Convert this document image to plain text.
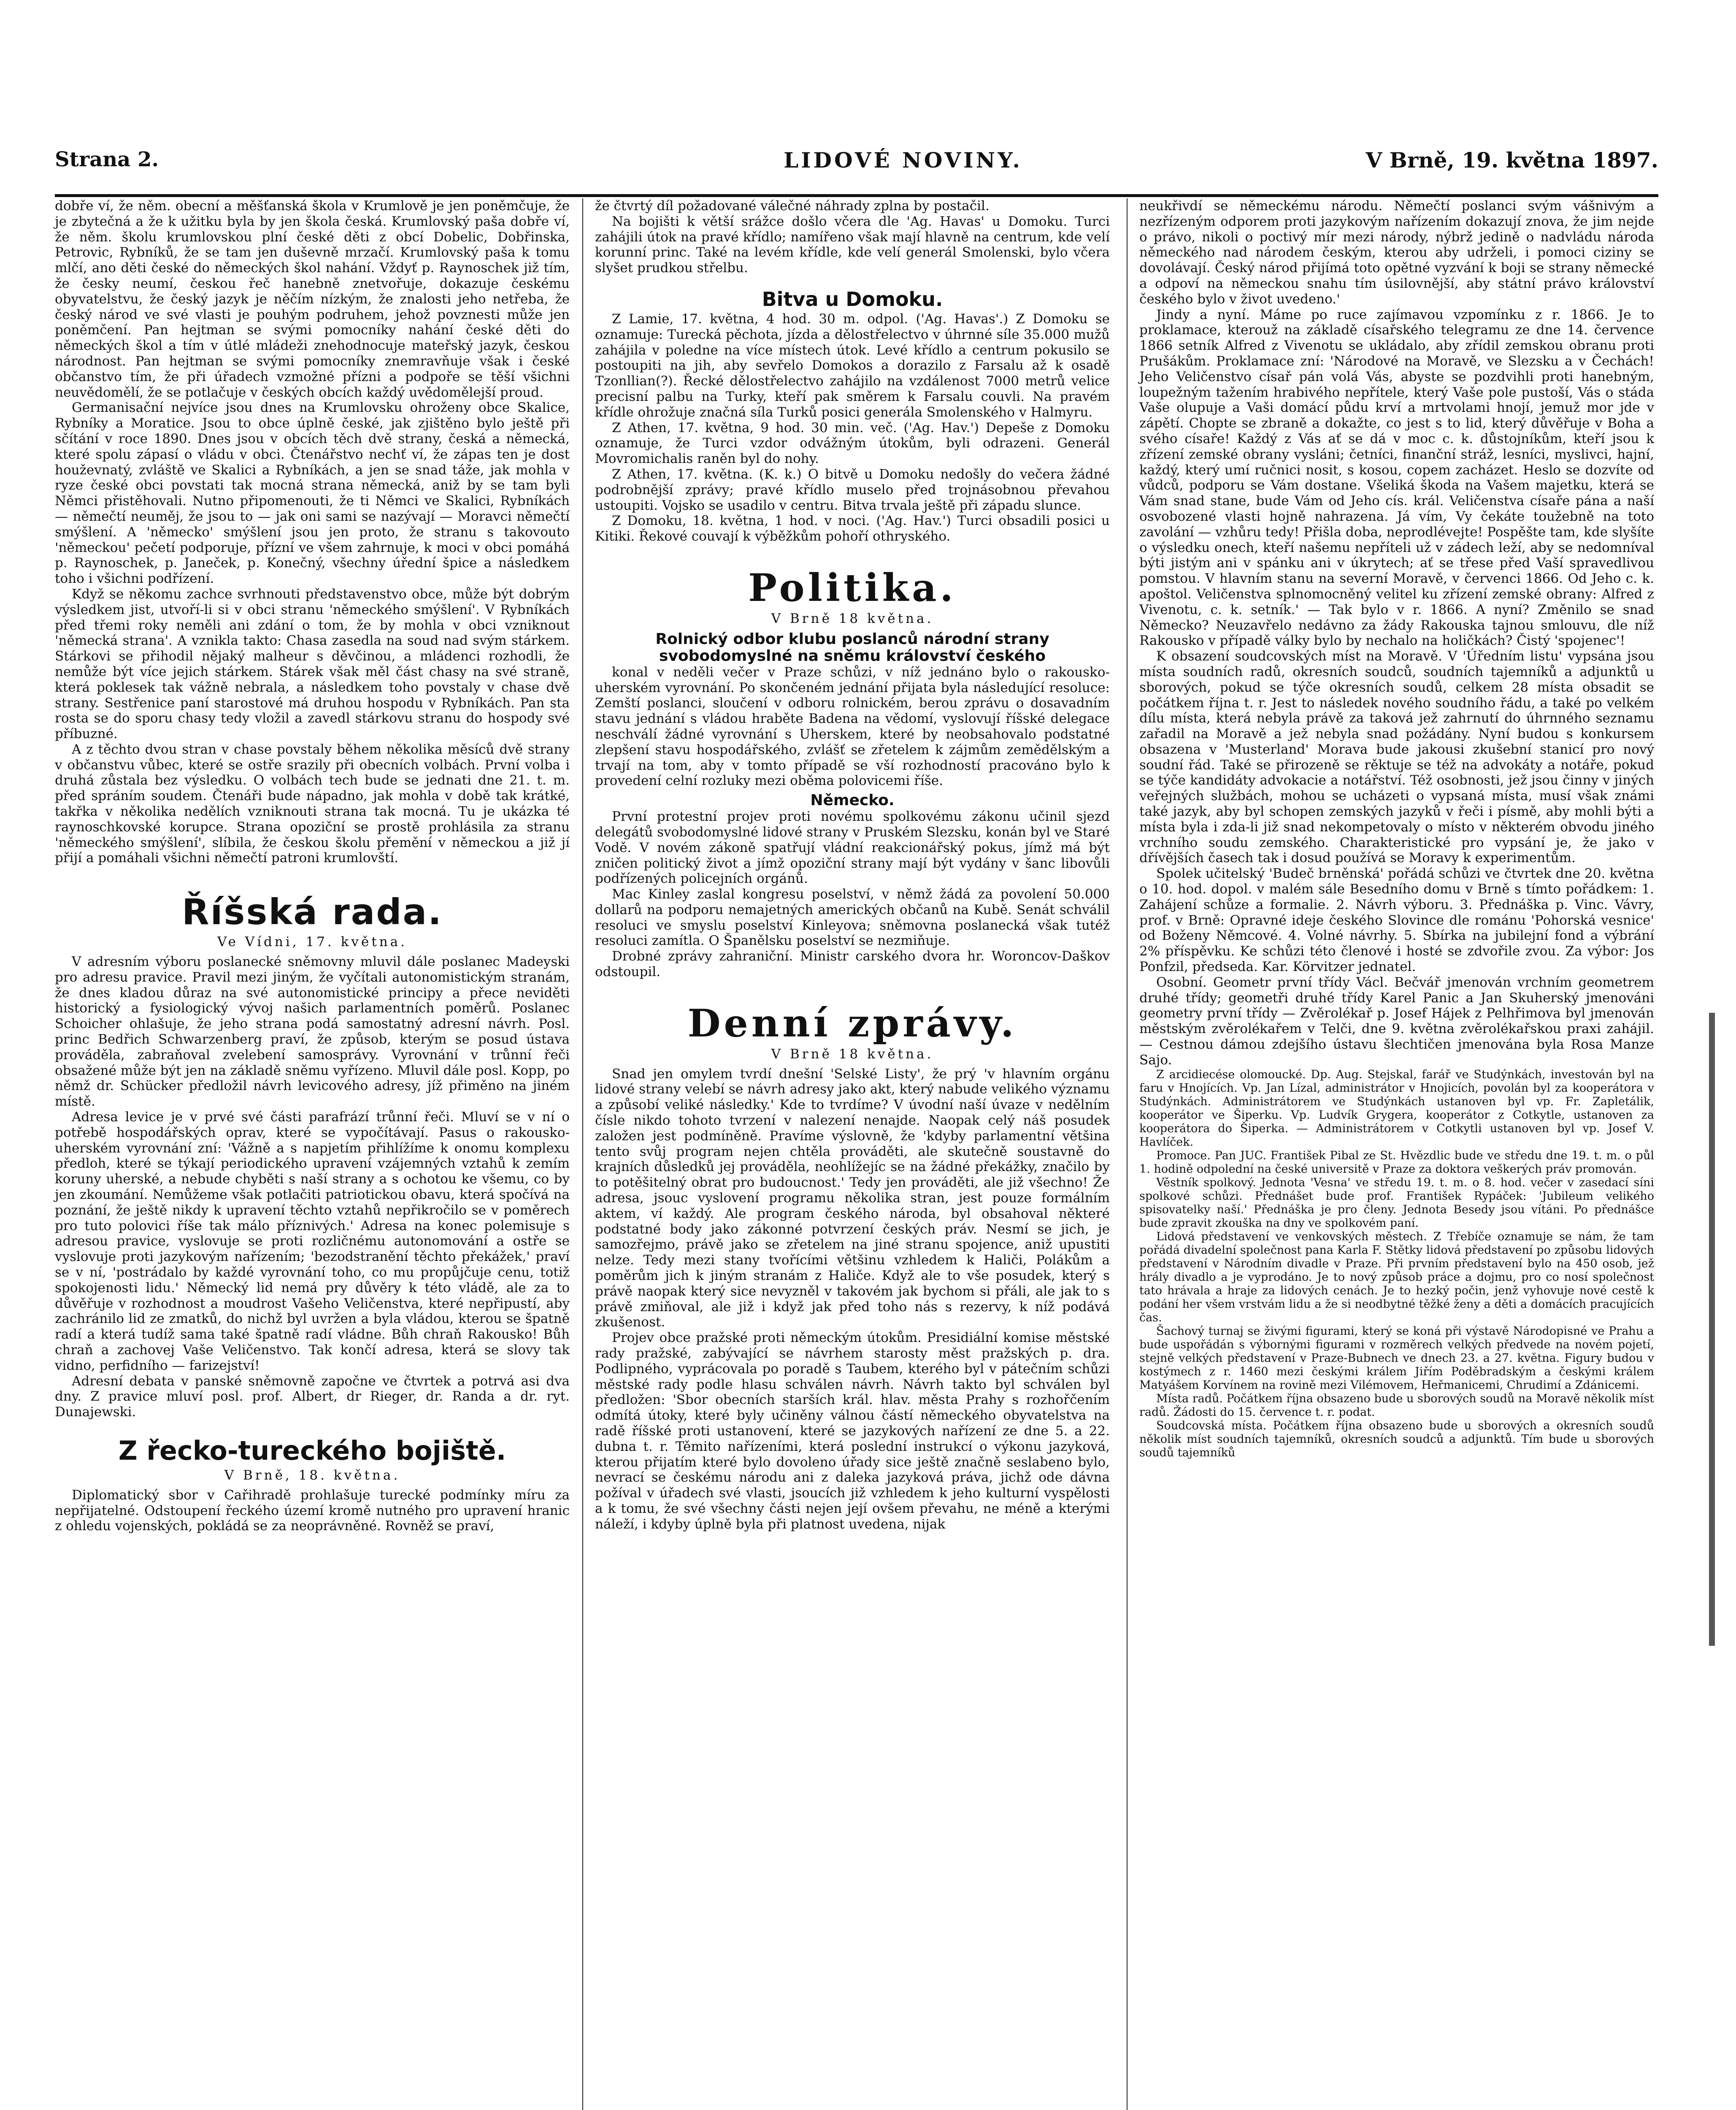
Strana 2.	LIDOVÉ NOVINY.	V Brně, 19. května 1897.

dobře ví, že něm. obecní a měšťanská škola v Krumlově je jen poněmčuje, že je zbytečná a že k užitku byla by jen škola česká. Krumlovský paša dobře ví, že něm. školu krumlovskou plní české děti z obcí Dobelic, Dobřinska, Petrovic, Rybníků, že se tam jen duševně mrzačí. Krumlovský paša k tomu mlčí, ano děti české do německých škol nahání. Vždyť p. Raynoschek již tím, že česky neumí, českou řeč hanebně znetvořuje, dokazuje českému obyvatelstvu, že český jazyk je něčím nízkým, že znalosti jeho netřeba, že český národ ve své vlasti je pouhým podruhem, jehož povznesti může jen poněmčení. Pan hejtman se svými pomocníky nahání české děti do německých škol a tím v útlé mládeži znehodnocuje mateřský jazyk, českou národnost. Pan hejtman se svými pomocníky znemravňuje však i české občanstvo tím, že při úřadech vzmožné přízni a podpoře se těší všichni neuvědomělí, že se potlačuje v českých obcích každý uvědomělejší proud.

Germanisační nejvíce jsou dnes na Krumlovsku ohroženy obce Skalice, Rybníky a Moratice. Jsou to obce úplně české, jak zjištěno bylo ještě při sčítání v roce 1890. Dnes jsou v obcích těch dvě strany, česká a německá, které spolu zápasí o vládu v obci. Čtenářstvo nechť ví, že zápas ten je dost houževnatý, zvláště ve Skalici a Rybníkách, a jen se snad táže, jak mohla v ryze české obci povstati tak mocná strana německá, aniž by se tam byli Němci přistěhovali. Nutno připomenouti, že ti Němci ve Skalici, Rybníkách — němečtí neuměj, že jsou to — jak oni sami se nazývají — Moravci němečtí smýšlení. A 'německo' smýšlení jsou jen proto, že stranu s takovouto 'německou' pečetí podporuje, přízní ve všem zahrnuje, k moci v obci pomáhá p. Raynoschek, p. Janeček, p. Konečný, všechny úřední špice a následkem toho i všichni podřízení.

Když se někomu zachce svrhnouti představenstvo obce, může být dobrým výsledkem jist, utvoří-li si v obci stranu 'německého smýšlení'. V Rybníkách před třemi roky neměli ani zdání o tom, že by mohla v obci vzniknout 'německá strana'. A vznikla takto: Chasa zasedla na soud nad svým stárkem. Stárkovi se přihodil nějaký malheur s děvčinou, a mládenci rozhodli, že nemůže být více jejich stárkem. Stárek však měl část chasy na své straně, která poklesek tak vážně nebrala, a následkem toho povstaly v chase dvě strany. Sestřenice paní starostové má druhou hospodu v Rybníkách. Pan sta rosta se do sporu chasy tedy vložil a zavedl stárkovu stranu do hospody své příbuzné.

A z těchto dvou stran v chase povstaly během několika měsíců dvě strany v občanstvu vůbec, které se ostře srazily při obecních volbách. První volba i druhá zůstala bez výsledku. O volbách tech bude se jednati dne 21. t. m. před spráním soudem. Čtenáři bude nápadno, jak mohla v době tak krátké, takřka v několika nedělích vzniknouti strana tak mocná. Tu je ukázka té raynoschkovské korupce. Strana opoziční se prostě prohlásila za stranu 'německého smýšlení', slíbila, že českou školu přemění v německou a již jí přijí a pomáhali všichni němečtí patroni krumlovští.

Říšská rada.
Ve Vídni, 17. května.

V adresním výboru poslanecké sněmovny mluvil dále poslanec Madeyski pro adresu pravice. Pravil mezi jiným, že vyčítali autonomistickým stranám, že dnes kladou důraz na své autonomistické principy a přece neviděti historický a fysiologický vývoj našich parlamentních poměrů. Poslanec Schoicher ohlašuje, že jeho strana podá samostatný adresní návrh. Posl. princ Bedřich Schwarzenberg praví, že způsob, kterým se posud ústava prováděla, zabraňoval zvelebení samosprávy. Vyrovnání v trůnní řeči obsažené může být jen na základě sněmu vyřízeno. Mluvil dále posl. Kopp, po němž dr. Schücker předložil návrh levicového adresy, jíž přiměno na jiném místě.

Adresa levice je v prvé své části parafrází trůnní řeči. Mluví se v ní o potřebě hospodářských oprav, které se vypočítávají. Pasus o rakousko-uherském vyrovnání zní: 'Vážně a s napjetím přihlížíme k onomu komplexu předloh, které se týkají periodického upravení vzájemných vztahů k zemím koruny uherské, a nebude chyběti s naší strany a s ochotou ke všemu, co by jen zkoumání. Nemůžeme však potlačiti patriotickou obavu, která spočívá na poznání, že ještě nikdy k upravení těchto vztahů nepřikročilo se v poměrech pro tuto polovici říše tak málo příznivých.' Adresa na konec polemisuje s adresou pravice, vyslovuje se proti rozličnému autonomování a ostře se vyslovuje proti jazykovým nařízením; 'bezodstranění těchto překážek,' praví se v ní, 'postrádalo by každé vyrovnání toho, co mu propůjčuje cenu, totiž spokojenosti lidu.' Německý lid nemá pry důvěry k této vládě, ale za to důvěřuje v rozhodnost a moudrost Vašeho Veličenstva, které nepřipustí, aby zachránilo lid ze zmatků, do nichž byl uvržen a byla vládou, kterou se špatně radí a která tudíž sama také špatně radí vládne. Bůh chraň Rakousko! Bůh chraň a zachovej Vaše Veličenstvo. Tak končí adresa, která se slovy tak vidno, perfidního — farizejství!

Adresní debata v panské sněmovně započne ve čtvrtek a potrvá asi dva dny. Z pravice mluví posl. prof. Albert, dr Rieger, dr. Randa a dr. ryt. Dunajewski.

Z řecko-tureckého bojiště.
V Brně, 18. května.

Diplomatický sbor v Cařihradě prohlašuje turecké podmínky míru za nepřijatelné. Odstoupení řeckého území kromě nutného pro upravení hranic z ohledu vojenských, pokládá se za neoprávněné. Rovněž se praví,

že čtvrtý díl požadované válečné náhrady zplna by postačil.

Na bojišti k větší srážce došlo včera dle 'Ag. Havas' u Domoku. Turci zahájili útok na pravé křídlo; namířeno však mají hlavně na centrum, kde velí korunní princ. Také na levém křídle, kde velí generál Smolenski, bylo včera slyšet prudkou střelbu.

Bitva u Domoku.

Z Lamie, 17. května, 4 hod. 30 m. odpol. ('Ag. Havas'.) Z Domoku se oznamuje: Turecká pěchota, jízda a dělostřelectvo v úhrnné síle 35.000 mužů zahájila v poledne na více místech útok. Levé křídlo a centrum pokusilo se postoupiti na jih, aby sevřelo Domokos a dorazilo z Farsalu až k osadě Tzonllian(?). Řecké dělostřelectvo zahájilo na vzdálenost 7000 metrů velice precisní palbu na Turky, kteří pak směrem k Farsalu couvli. Na pravém křídle ohrožuje značná síla Turků posici generála Smolenského v Halmyru.

Z Athen, 17. května, 9 hod. 30 min. več. ('Ag. Hav.') Depeše z Domoku oznamuje, že Turci vzdor odvážným útokům, byli odrazeni. Generál Movromichalis raněn byl do nohy.

Z Athen, 17. května. (K. k.) O bitvě u Domoku nedošly do večera žádné podrobnější zprávy; pravé křídlo muselo před trojnásobnou převahou ustoupiti. Vojsko se usadilo v centru. Bitva trvala ještě při západu slunce.

Z Domoku, 18. května, 1 hod. v noci. ('Ag. Hav.') Turci obsadili posici u Kitiki. Řekové couvají k výběžkům pohoří othryského.

Politika.
V Brně 18 května.
Rolnický odbor klubu poslanců národní strany svobodomyslné na sněmu království českého

konal v neděli večer v Praze schůzi, v níž jednáno bylo o rakousko-uherském vyrovnání. Po skončeném jednání přijata byla následující resoluce: Zemští poslanci, sloučení v odboru rolnickém, berou zprávu o dosavadním stavu jednání s vládou hraběte Badena na vědomí, vyslovují říšské delegace neschválí žádné vyrovnání s Uherskem, které by neobsahovalo podstatné zlepšení stavu hospodářského, zvlášť se zřetelem k zájmům zemědělským a trvají na tom, aby v tomto případě se vší rozhodností pracováno bylo k provedení celní rozluky mezi oběma polovicemi říše.

Německo.

První protestní projev proti novému spolkovému zákonu učinil sjezd delegátů svobodomyslné lidové strany v Pruském Slezsku, konán byl ve Staré Vodě. V novém zákoně spatřují vládní reakcionářský pokus, jímž má být zničen politický život a jímž opoziční strany mají být vydány v šanc libovůli podřízených policejních orgánů.

Mac Kinley zaslal kongresu poselství, v němž žádá za povolení 50.000 dollarů na podporu nemajetných amerických občanů na Kubě. Senát schválil resoluci ve smyslu poselství Kinleyova; sněmovna poslanecká však tutéž resoluci zamítla. O Španělsku poselství se nezmiňuje.

Drobné zprávy zahraniční. Ministr carského dvora hr. Woroncov-Daškov odstoupil.

Denní zprávy.
V Brně 18 května.

Snad jen omylem tvrdí dnešní 'Selské Listy', že prý 'v hlavním orgánu lidové strany velebí se návrh adresy jako akt, který nabude velikého významu a způsobí veliké následky.' Kde to tvrdíme? V úvodní naší úvaze v nedělním čísle nikdo tohoto tvrzení v nalezení nenajde. Naopak celý náš posudek založen jest podmíněně. Pravíme výslovně, že 'kdyby parlamentní většina tento svůj program nejen chtěla prováděti, ale skutečně soustavně do krajních důsledků jej prováděla, neohlížejíc se na žádné překážky, značilo by to potěšitelný obrat pro budoucnost.' Tedy jen prováděti, ale již všechno! Že adresa, jsouc vyslovení programu několika stran, jest pouze formálním aktem, ví každý. Ale program českého národa, byl obsahoval některé podstatné body jako zákonné potvrzení českých práv. Nesmí se jich, je samozřejmo, právě jako se zřetelem na jiné stranu spojence, aniž upustiti nelze. Tedy mezi stany tvořícími většinu vzhledem k Haliči, Polákům a poměrům jich k jiným stranám z Haliče. Když ale to vše posudek, který s právě naopak který sice nevyzněl v takovém jak bychom si přáli, ale jak to s právě zmiňoval, ale již i když jak před toho nás s rezervy, k níž podává zkušenost.

Projev obce pražské proti německým útokům. Presidiální komise městské rady pražské, zabývající se návrhem starosty měst pražských p. dra. Podlipného, vyprácovala po poradě s Taubem, kterého byl v pátečním schůzi městské rady podle hlasu schválen návrh. Návrh takto byl schválen byl předložen: 'Sbor obecních starších král. hlav. města Prahy s rozhořčením odmítá útoky, které byly učiněny válnou částí německého obyvatelstva na radě říšské proti ustanovení, které se jazykových nařízení ze dne 5. a 22. dubna t. r. Těmito nařízeními, která poslední instrukcí o výkonu jazyková, kterou přijatím které bylo dovoleno úřady sice ještě značně seslabeno bylo, nevrací se českému národu ani z daleka jazyková práva, jichž ode dávna požíval v úřadech své vlasti, jsoucích již vzhledem k jeho kulturní vyspělosti a k tomu, že své všechny části nejen její ovšem převahu, ne méně a kterými náleží, i kdyby úplně byla při platnost uvedena, nijak

neukřivdí se německému národu. Němečtí poslanci svým vášnivým a nezřízeným odporem proti jazykovým nařízením dokazují znova, že jim nejde o právo, nikoli o poctivý mír mezi národy, nýbrž jedině o nadvládu národa německého nad národem českým, kterou aby udrželi, i pomoci ciziny se dovolávají. Český národ přijímá toto opětné vyzvání k boji se strany německé a odpoví na německou snahu tím úsilovnější, aby státní právo království českého bylo v život uvedeno.'

Jindy a nyní. Máme po ruce zajímavou vzpomínku z r. 1866. Je to proklamace, kterouž na základě císařského telegramu ze dne 14. července 1866 setník Alfred z Vivenotu se ukládalo, aby zřídil zemskou obranu proti Prušákům. Proklamace zní: 'Národové na Moravě, ve Slezsku a v Čechách! Jeho Veličenstvo císař pán volá Vás, abyste se pozdvihli proti hanebným, loupežným tažením hrabivého nepřítele, který Vaše pole pustoší, Vás o stáda Vaše olupuje a Vaši domácí půdu krví a mrtvolami hnojí, jemuž mor jde v zápětí. Chopte se zbraně a dokažte, co jest s to lid, který důvěřuje v Boha a svého císaře! Každý z Vás ať se dá v moc c. k. důstojníkům, kteří jsou k zřízení zemské obrany vysláni; četníci, finanční stráž, lesníci, myslivci, hajní, každý, který umí ručnici nosit, s kosou, copem zacházet. Heslo se dozvíte od vůdců, podporu se Vám dostane. Všeliká škoda na Vašem majetku, která se Vám snad stane, bude Vám od Jeho cís. král. Veličenstva císaře pána a naší osvobozené vlasti hojně nahrazena. Já vím, Vy čekáte toužebně na toto zavolání — vzhůru tedy! Přišla doba, neprodlévejte! Pospěšte tam, kde slyšíte o výsledku onech, kteří našemu nepříteli už v zádech leží, aby se nedomníval býti jistým ani v spánku ani v úkrytech; ať se třese před Vaší spravedlivou pomstou. V hlavním stanu na severní Moravě, v červenci 1866. Od Jeho c. k. apoštol. Veličenstva splnomocněný velitel ku zřízení zemské obrany: Alfred z Vivenotu, c. k. setník.' — Tak bylo v r. 1866. A nyní? Změnilo se snad Německo? Neuzavřelo nedávno za žády Rakouska tajnou smlouvu, dle níž Rakousko v případě války bylo by nechalo na holičkách? Čistý 'spojenec'!

K obsazení soudcovských míst na Moravě. V 'Úředním listu' vypsána jsou místa soudních radů, okresních soudců, soudních tajemníků a adjunktů u sborových, pokud se týče okresních soudů, celkem 28 místa obsadit se počátkem října t. r. Jest to následek nového soudního řádu, a také po velkém dílu místa, která nebyla právě za taková jež zahrnutí do úhrnného seznamu zařadil na Moravě a jež nebyla snad požádány. Nyní budou s konkursem obsazena v 'Musterland' Morava bude jakousi zkušební stanicí pro nový soudní řád. Také se přirozeně se rěktuje se též na advokáty a notáře, pokud se týče kandidáty advokacie a notářství. Též osobnosti, jež jsou činny v jiných veřejných službách, mohou se ucházeti o vypsaná místa, musí však známi také jazyk, aby byl schopen zemských jazyků v řeči i písmě, aby mohli býti a místa byla i zda-li již snad nekompetovaly o místo v některém obvodu jiného vrchního soudu zemského. Charakteristické pro vypsání je, že jako v dřívějších časech tak i dosud používá se Moravy k experimentům.

Spolek učitelský 'Budeč brněnská' pořádá schůzi ve čtvrtek dne 20. května o 10. hod. dopol. v malém sále Besedního domu v Brně s tímto pořádkem: 1. Zahájení schůze a formalie. 2. Návrh výboru. 3. Přednáška p. Vinc. Vávry, prof. v Brně: Opravné ideje českého Slovince dle románu 'Pohorská vesnice' od Boženy Němcové. 4. Volné návrhy. 5. Sbírka na jubilejní fond a výbrání 2% příspěvku. Ke schůzi této členové i hosté se zdvořile zvou. Za výbor: Jos Ponfzil, předseda. Kar. Körvitzer jednatel.

Osobní. Geometr první třídy Václ. Bečvář jmenován vrchním geometrem druhé třídy; geometři druhé třídy Karel Panic a Jan Skuherský jmenováni geometry první třídy — Zvěrolékař p. Josef Hájek z Pelhřimova byl jmenován městským zvěrolékařem v Telči, dne 9. května zvěrolékařskou praxi zahájil. — Cestnou dámou zdejšího ústavu šlechtičen jmenována byla Rosa Manze Sajo.

Z arcidiecése olomoucké. Dp. Aug. Stejskal, farář ve Studýnkách, investován byl na faru v Hnojících. Vp. Jan Lízal, administrátor v Hnojicích, povolán byl za kooperátora v Studýnkách. Administrátorem ve Studýnkách ustanoven byl vp. Fr. Zapletálik, kooperátor ve Šiperku. Vp. Ludvík Grygera, kooperátor z Cotkytle, ustanoven za kooperátora do Šiperka. — Administrátorem v Cotkytli ustanoven byl vp. Josef V. Havlíček.

Promoce. Pan JUC. František Pibal ze St. Hvězdlic bude ve středu dne 19. t. m. o půl 1. hodině odpolední na české universitě v Praze za doktora veškerých práv promován.

Věstník spolkový. Jednota 'Vesna' ve středu 19. t. m. o 8. hod. večer v zasedací síni spolkové schůzi. Přednášet bude prof. František Rypáček: 'Jubileum velikého spisovatelky naší.' Přednáška je pro členy. Jednota Besedy jsou vítáni. Po přednášce bude zpravit zkouška na dny ve spolkovém paní.

Lidová představení ve venkovských městech. Z Třebíče oznamuje se nám, že tam pořádá divadelní společnost pana Karla F. Stětky lidová představení po způsobu lidových představení v Národním divadle v Praze. Při prvním představení bylo na 450 osob, jež hrály divadlo a je vyprodáno. Je to nový způsob práce a dojmu, pro co nosí společnost tato hrávala a hraje za lidových cenách. Je to hezký počin, jenž vyhovuje nové cestě k podání her všem vrstvám lidu a že si neodbytné těžké ženy a děti a domácích pracujících čas.

Šachový turnaj se živými figurami, který se koná při výstavě Národopisné ve Prahu a bude uspořádán s výbornými figurami v rozměrech velkých předvede na novém pojetí, stejně velkých představení v Praze-Bubnech ve dnech 23. a 27. května. Figury budou v kostýmech z r. 1460 mezi českými králem Jiřím Poděbradským a českými králem Matyášem Korvínem na rovině mezi Vilémovem, Heřmanicemi, Chrudimí a Zdánicemi.

Místa radů. Počátkem října obsazeno bude u sborových soudů na Moravě několik míst radů. Žádosti do 15. července t. r. podat.

Soudcovská místa. Počátkem října obsazeno bude u sborových a okresních soudů několik míst soudních tajemníků, okresních soudců a adjunktů. Tím bude u sborových soudů tajemníků
